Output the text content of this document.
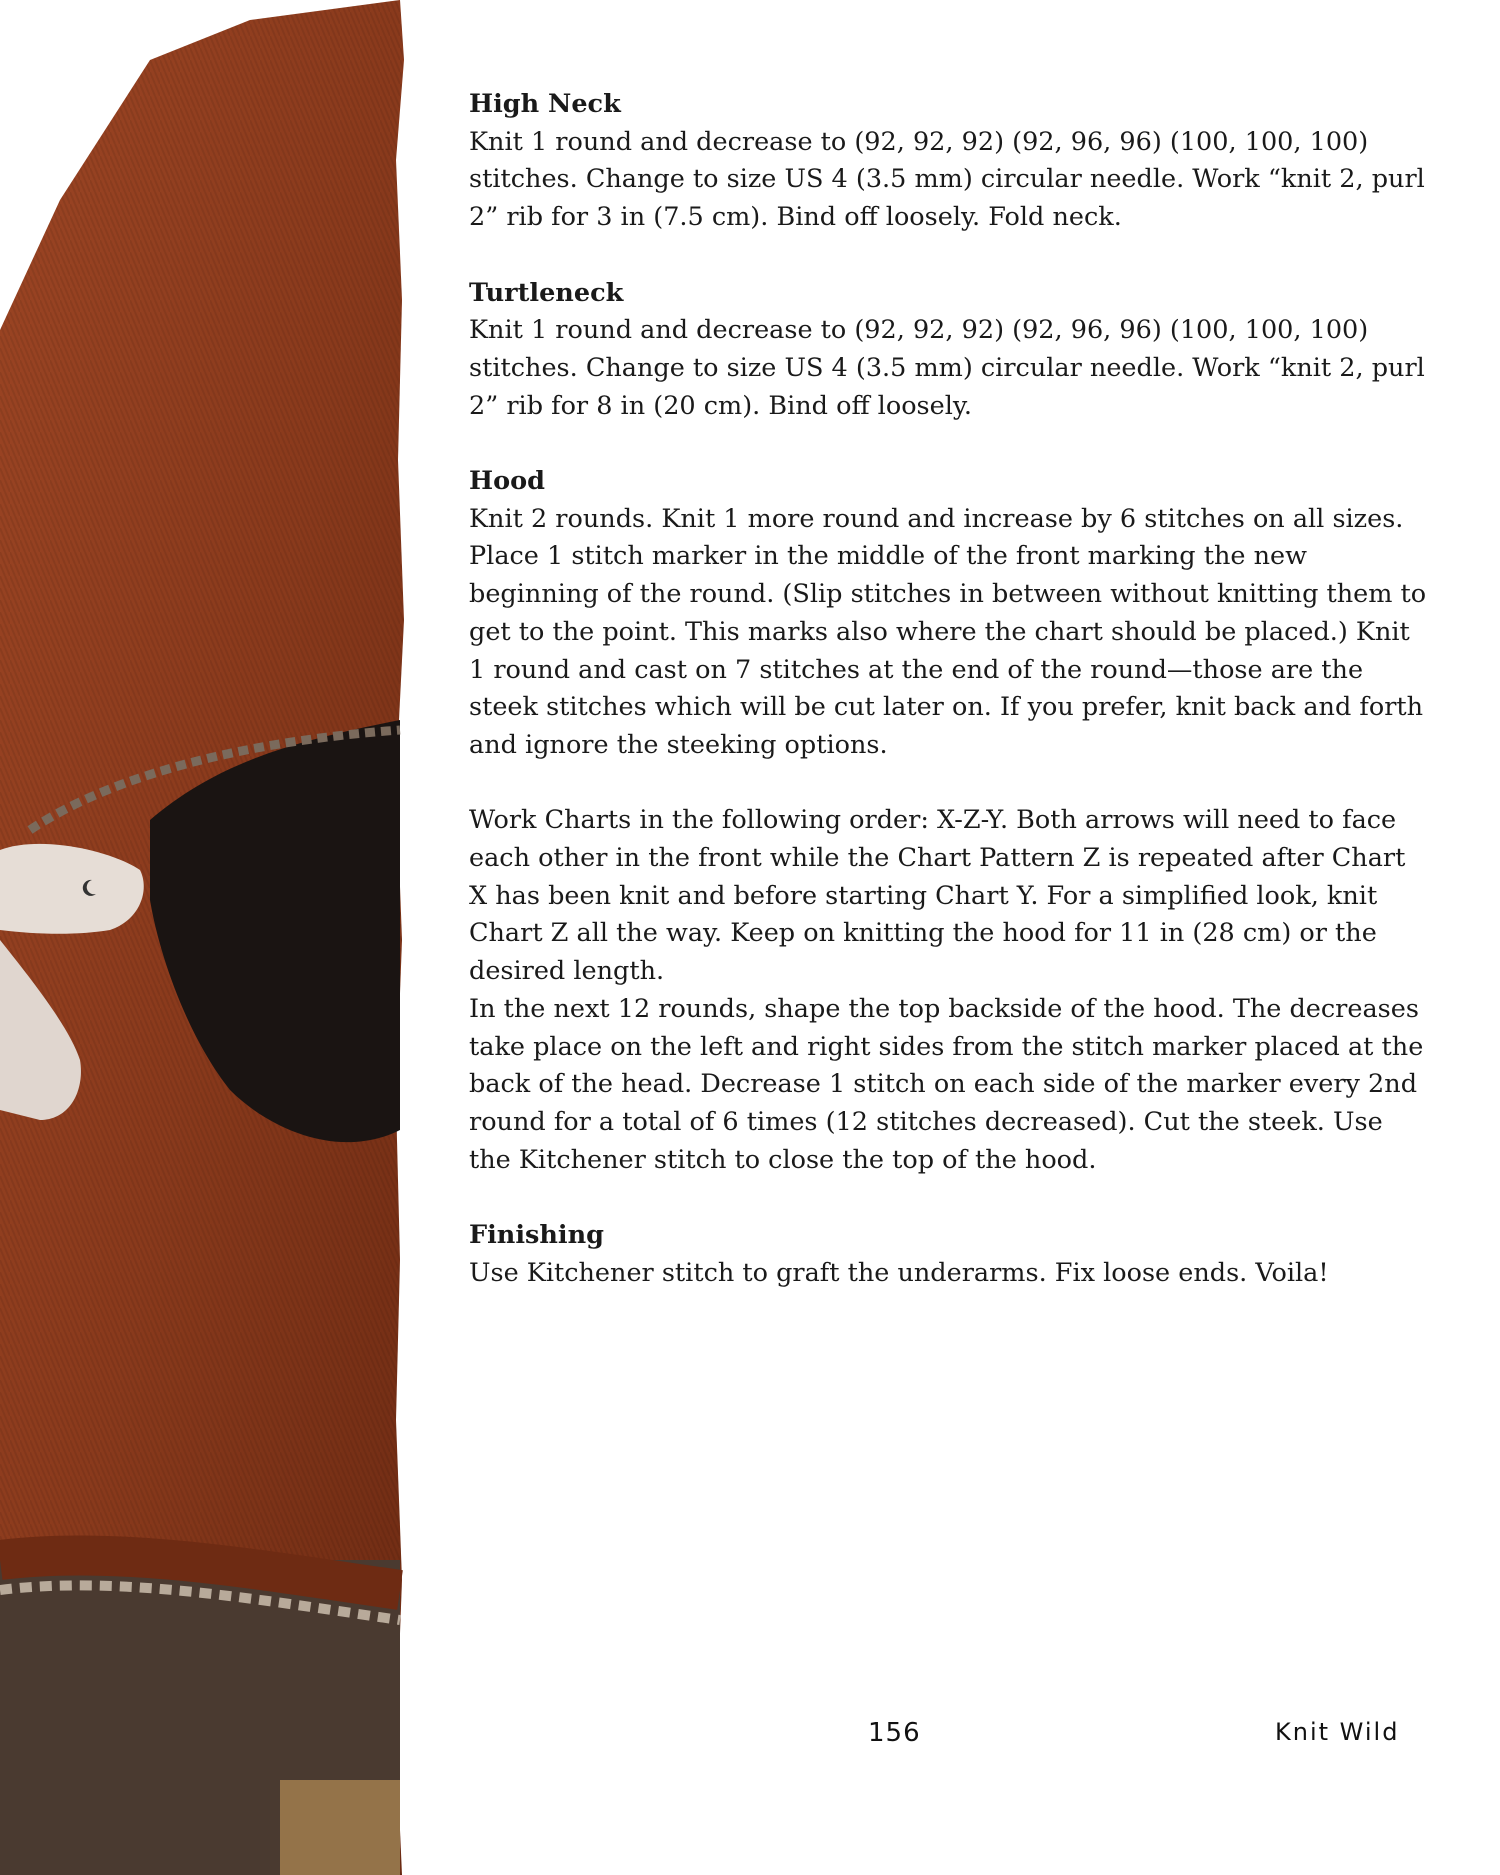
High Neck
Knit 1 round and decrease to (92, 92, 92) (92, 96, 96) (100, 100, 100) stitches. Change to size US 4 (3.5 mm) circular needle. Work “knit 2, purl 2” rib for 3 in (7.5 cm). Bind off loosely. Fold neck.
Turtleneck
Knit 1 round and decrease to (92, 92, 92) (92, 96, 96) (100, 100, 100) stitches. Change to size US 4 (3.5 mm) circular needle. Work “knit 2, purl 2” rib for 8 in (20 cm). Bind off loosely.
Hood
Knit 2 rounds. Knit 1 more round and increase by 6 stitches on all sizes. Place 1 stitch marker in the middle of the front marking the new beginning of the round. (Slip stitches in between without knitting them to get to the point. This marks also where the chart should be placed.) Knit 1 round and cast on 7 stitches at the end of the round—those are the steek stitches which will be cut later on. If you prefer, knit back and forth and ignore the steeking options.
Work Charts in the following order: X-Z-Y. Both arrows will need to face each other in the front while the Chart Pattern Z is repeated after Chart X has been knit and before starting Chart Y. For a simplified look, knit Chart Z all the way. Keep on knitting the hood for 11 in (28 cm) or the desired length.
In the next 12 rounds, shape the top backside of the hood. The decreases take place on the left and right sides from the stitch marker placed at the back of the head. Decrease 1 stitch on each side of the marker every 2nd round for a total of 6 times (12 stitches decreased). Cut the steek. Use the Kitchener stitch to close the top of the hood.
Finishing
Use Kitchener stitch to graft the underarms. Fix loose ends. Voila!
156	Knit Wild
